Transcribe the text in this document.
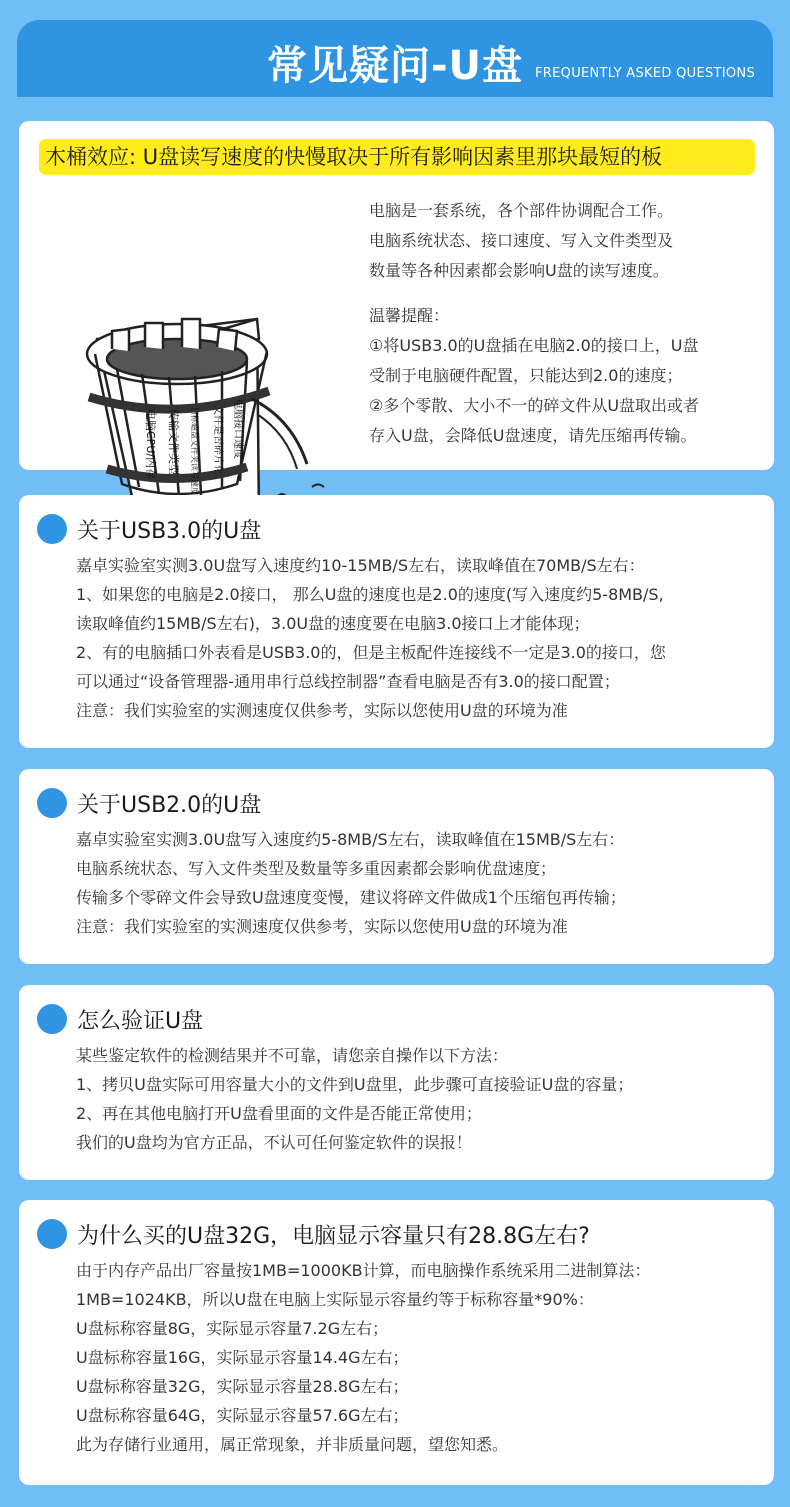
常见疑问-U盘 FREQUENTLY ASKED QUESTIONS
木桶效应: U盘读写速度的快慢取决于所有影响因素里那块最短的板
电脑CPU/内存 传输文件类型 目标磁盘文件夹读写速度 文件是否碎片化 电脑接口速度

电脑是一套系统，各个部件协调配合工作。

电脑系统状态、接口速度、写入文件类型及

数量等各种因素都会影响U盘的读写速度。

温馨提醒：

①将USB3.0的U盘插在电脑2.0的接口上，U盘

受制于电脑硬件配置，只能达到2.0的速度；

②多个零散、大小不一的碎文件从U盘取出或者

存入U盘，会降低U盘速度，请先压缩再传输。

关于USB3.0的U盘

嘉卓实验室实测3.0U盘写入速度约10-15MB/S左右，读取峰值在70MB/S左右：

1、如果您的电脑是2.0接口， 那么U盘的速度也是2.0的速度(写入速度约5-8MB/S,

读取峰值约15MB/S左右)，3.0U盘的速度要在电脑3.0接口上才能体现；

2、有的电脑插口外表看是USB3.0的，但是主板配件连接线不一定是3.0的接口，您

可以通过“设备管理器-通用串行总线控制器”查看电脑是否有3.0的接口配置；

注意：我们实验室的实测速度仅供参考，实际以您使用U盘的环境为准

关于USB2.0的U盘

嘉卓实验室实测3.0U盘写入速度约5-8MB/S左右，读取峰值在15MB/S左右：

电脑系统状态、写入文件类型及数量等多重因素都会影响优盘速度；

传输多个零碎文件会导致U盘速度变慢，建议将碎文件做成1个压缩包再传输；

注意：我们实验室的实测速度仅供参考，实际以您使用U盘的环境为准

怎么验证U盘

某些鉴定软件的检测结果并不可靠，请您亲自操作以下方法：

1、拷贝U盘实际可用容量大小的文件到U盘里，此步骤可直接验证U盘的容量；

2、再在其他电脑打开U盘看里面的文件是否能正常使用；

我们的U盘均为官方正品，不认可任何鉴定软件的误报！

为什么买的U盘32G，电脑显示容量只有28.8G左右?

由于内存产品出厂容量按1MB=1000KB计算，而电脑操作系统采用二进制算法：

1MB=1024KB，所以U盘在电脑上实际显示容量约等于标称容量*90%：

U盘标称容量8G，实际显示容量7.2G左右；

U盘标称容量16G，实际显示容量14.4G左右；

U盘标称容量32G，实际显示容量28.8G左右；

U盘标称容量64G，实际显示容量57.6G左右；

此为存储行业通用，属正常现象，并非质量问题，望您知悉。
